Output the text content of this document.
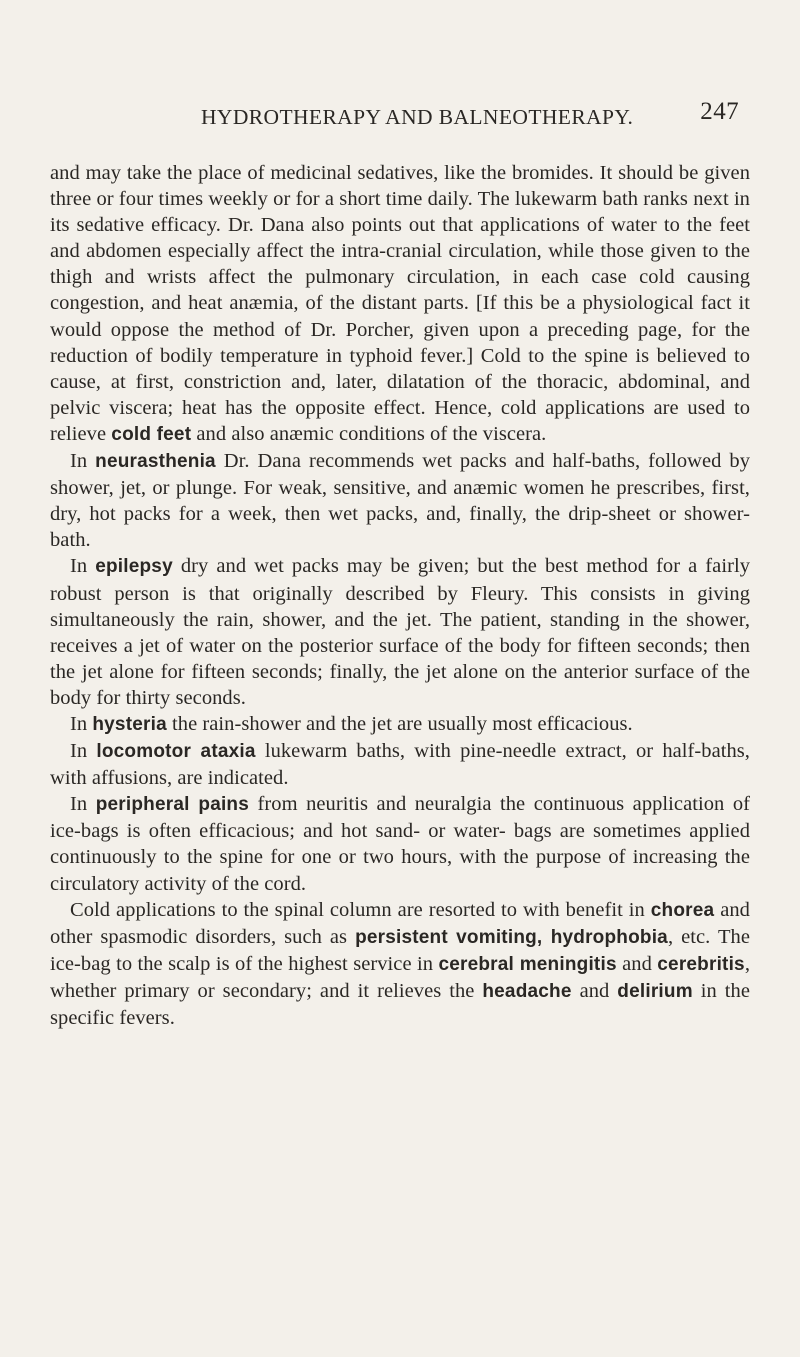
HYDROTHERAPY AND BALNEOTHERAPY.	247

and may take the place of medicinal sedatives, like the bromides. It should be given three or four times weekly or for a short time daily. The lukewarm bath ranks next in its sedative efficacy. Dr. Dana also points out that applications of water to the feet and abdomen especially affect the intra-cranial circulation, while those given to the thigh and wrists affect the pulmonary circulation, in each case cold causing congestion, and heat anæmia, of the distant parts. [If this be a physiological fact it would oppose the method of Dr. Porcher, given upon a preceding page, for the reduction of bodily temperature in typhoid fever.] Cold to the spine is believed to cause, at first, constriction and, later, dilatation of the thoracic, abdominal, and pelvic viscera; heat has the opposite effect. Hence, cold applications are used to relieve cold feet and also anæmic conditions of the viscera.

In neurasthenia Dr. Dana recommends wet packs and half-baths, followed by shower, jet, or plunge. For weak, sensitive, and anæmic women he prescribes, first, dry, hot packs for a week, then wet packs, and, finally, the drip-sheet or shower-bath.

In epilepsy dry and wet packs may be given; but the best method for a fairly robust person is that originally described by Fleury. This consists in giving simultaneously the rain, shower, and the jet. The patient, standing in the shower, receives a jet of water on the posterior surface of the body for fifteen seconds; then the jet alone for fifteen seconds; finally, the jet alone on the anterior surface of the body for thirty seconds.

In hysteria the rain-shower and the jet are usually most efficacious.

In locomotor ataxia lukewarm baths, with pine-needle extract, or half-baths, with affusions, are indicated.

In peripheral pains from neuritis and neuralgia the continuous application of ice-bags is often efficacious; and hot sand- or water- bags are sometimes applied continuously to the spine for one or two hours, with the purpose of increasing the circulatory activity of the cord.

Cold applications to the spinal column are resorted to with benefit in chorea and other spasmodic disorders, such as persistent vomiting, hydrophobia, etc. The ice-bag to the scalp is of the highest service in cerebral meningitis and cerebritis, whether primary or secondary; and it relieves the headache and delirium in the specific fevers.
